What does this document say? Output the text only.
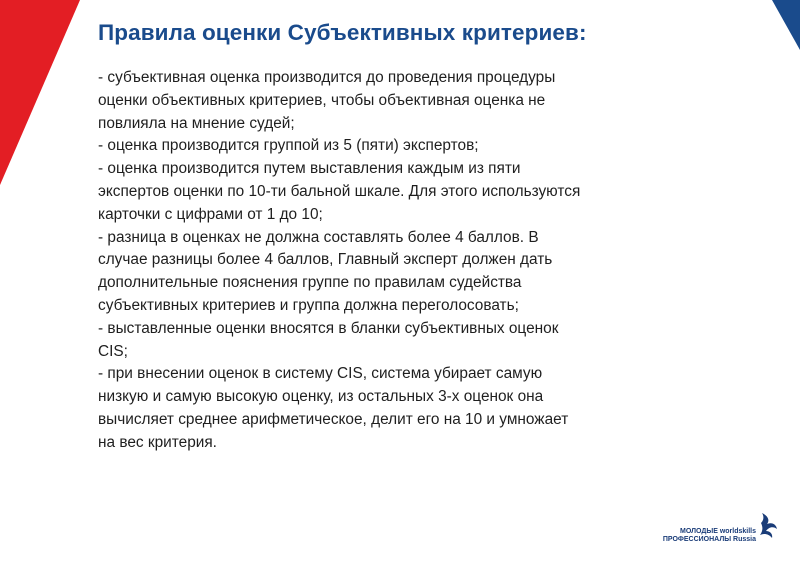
Правила оценки Субъективных критериев:
- субъективная оценка производится до проведения процедуры
оценки объективных критериев, чтобы объективная оценка не
повлияла на мнение судей;
- оценка производится группой из 5 (пяти) экспертов;
- оценка производится путем выставления каждым из пяти
экспертов оценки по 10-ти бальной шкале. Для этого используются
карточки с цифрами от 1 до 10;
- разница в оценках не должна составлять более 4 баллов. В
случае разницы более 4 баллов, Главный эксперт должен дать
дополнительные пояснения группе по правилам судейства
субъективных критериев и группа должна переголосовать;
- выставленные оценки вносятся в бланки субъективных оценок
CIS;
- при внесении оценок в систему CIS, система убирает самую
низкую и самую высокую оценку, из остальных 3-х оценок она
вычисляет среднее арифметическое, делит его на 10 и умножает
на вес критерия.
МОЛОДЫЕ worldskills
ПРОФЕССИОНАЛЫ Russia
